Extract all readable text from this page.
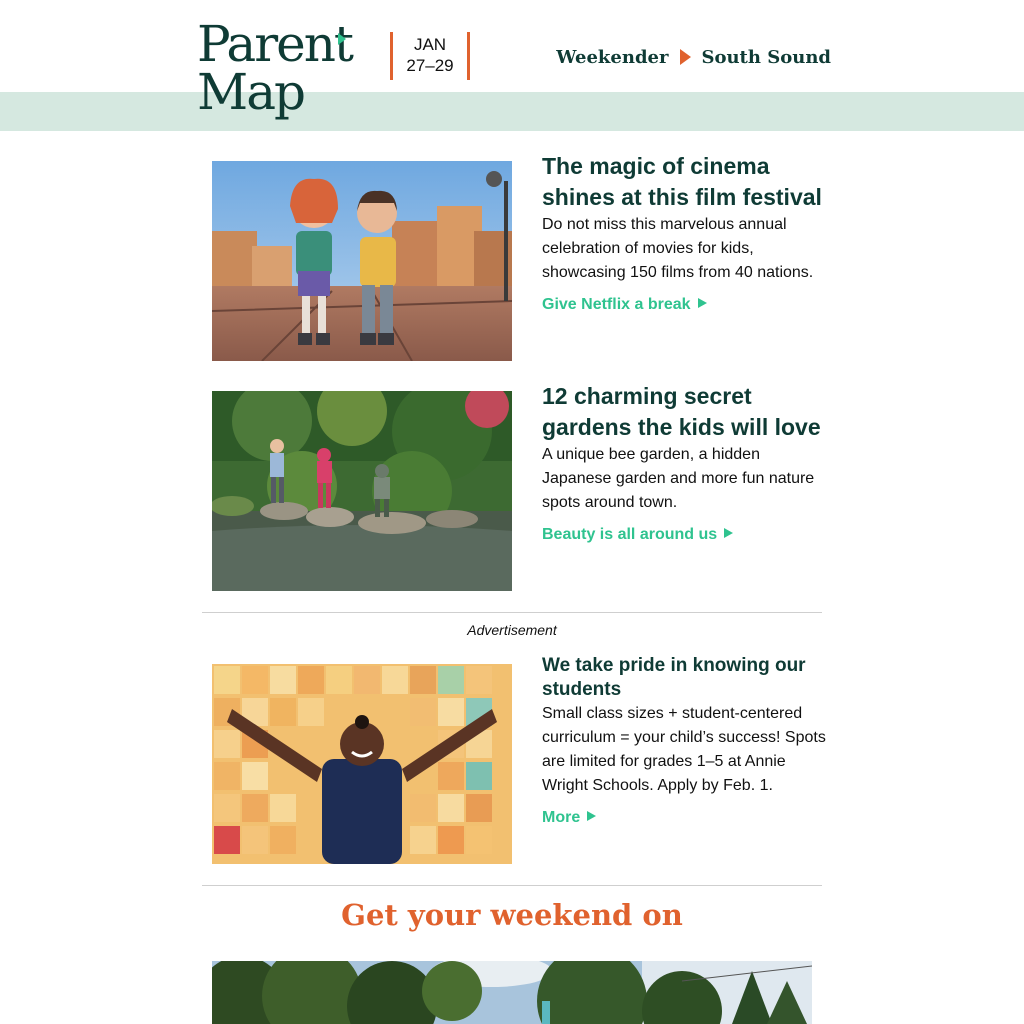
Parent
Map
JAN
27–29	Weekender South Sound
The magic of cinema shines at this film festival

Do not miss this marvelous annual celebration of movies for kids, showcasing 150 films from 40 nations.

Give Netflix a break
12 charming secret gardens the kids will love

A unique bee garden, a hidden Japanese garden and more fun nature spots around town.

Beauty is all around us
Advertisement
We take pride in knowing our students

Small class sizes + student-centered curriculum = your child’s success! Spots are limited for grades 1–5 at Annie Wright Schools. Apply by Feb. 1.

More
Get your weekend on
